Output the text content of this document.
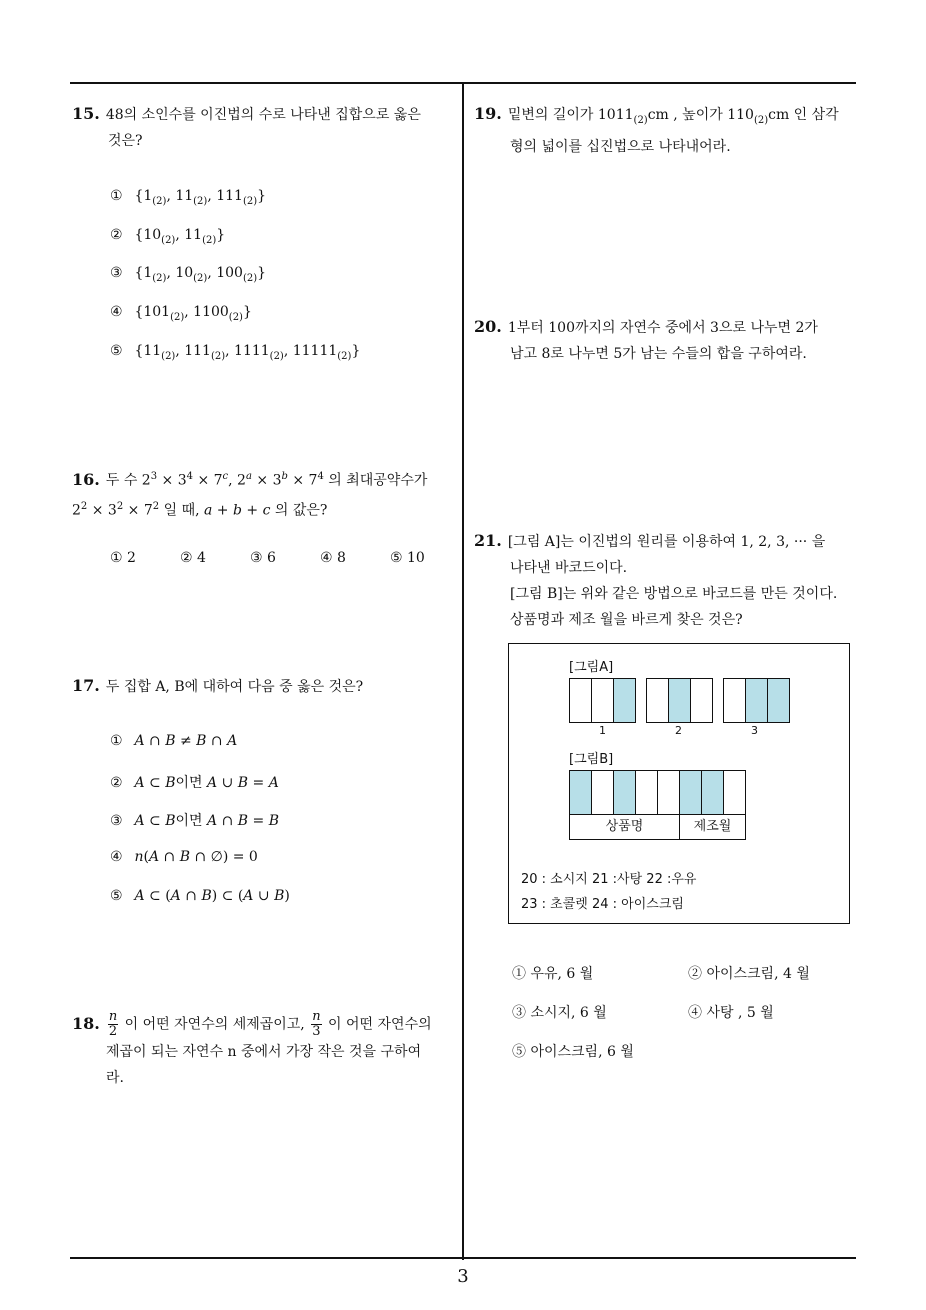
15. 48의 소인수를 이진법의 수로 나타낸 집합으로 옳은
것은?
① {$1_{(2)}$, $11_{(2)}$, $111_{(2)}$}
② {$10_{(2)}$, $11_{(2)}$}
③ {$1_{(2)}$, $10_{(2)}$, $100_{(2)}$}
④ {$101_{(2)}$, $1100_{(2)}$}
⑤ {$11_{(2)}$, $111_{(2)}$, $1111_{(2)}$, $11111_{(2)}$}
16. 두 수 $2^3 \times 3^4 \times 7^c$, $2^a \times 3^b \times 7^4$ 의 최대공약수가
$2^2 \times 3^2 \times 7^2$ 일 때, a + b + c 의 값은?
① 2	② 4	③ 6	④ 8	⑤ 10
17. 두 집합 A, B에 대하여 다음 중 옳은 것은?
① A ∩ B ≠ B ∩ A
② A ⊂ B이면 A ∪ B = A
③ A ⊂ B이면 A ∩ B = B
④ n(A ∩ B ∩ ∅) = 0
⑤ A ⊂ (A ∩ B) ⊂ (A ∪ B)
18. $\frac{n}{2}$ 이 어떤 자연수의 세제곱이고, $\frac{n}{3}$ 이 어떤 자연수의
제곱이 되는 자연수 n 중에서 가장 작은 것을 구하여
라.
19. 밑변의 길이가 $1011_{(2)}cm$ , 높이가 $110_{(2)}cm$ 인 삼각
형의 넓이를 십진법으로 나타내어라.
20. 1부터 100까지의 자연수 중에서 3으로 나누면 2가
남고 8로 나누면 5가 남는 수들의 합을 구하여라.
21. [그림 A]는 이진법의 원리를 이용하여 1, 2, 3, ··· 을
나타낸 바코드이다.
[그림 B]는 위와 같은 방법으로 바코드를 만든 것이다.
상품명과 제조 월을 바르게 찾은 것은?
[그림A]
1	2	3
[그림B]
상품명	제조월
20 : 소시지 21 :사탕 22 :우유
23 : 초콜렛 24 : 아이스크림
① 우유, 6 월	② 아이스크림, 4 월
③ 소시지, 6 월	④ 사탕 , 5 월
⑤ 아이스크림, 6 월
3
